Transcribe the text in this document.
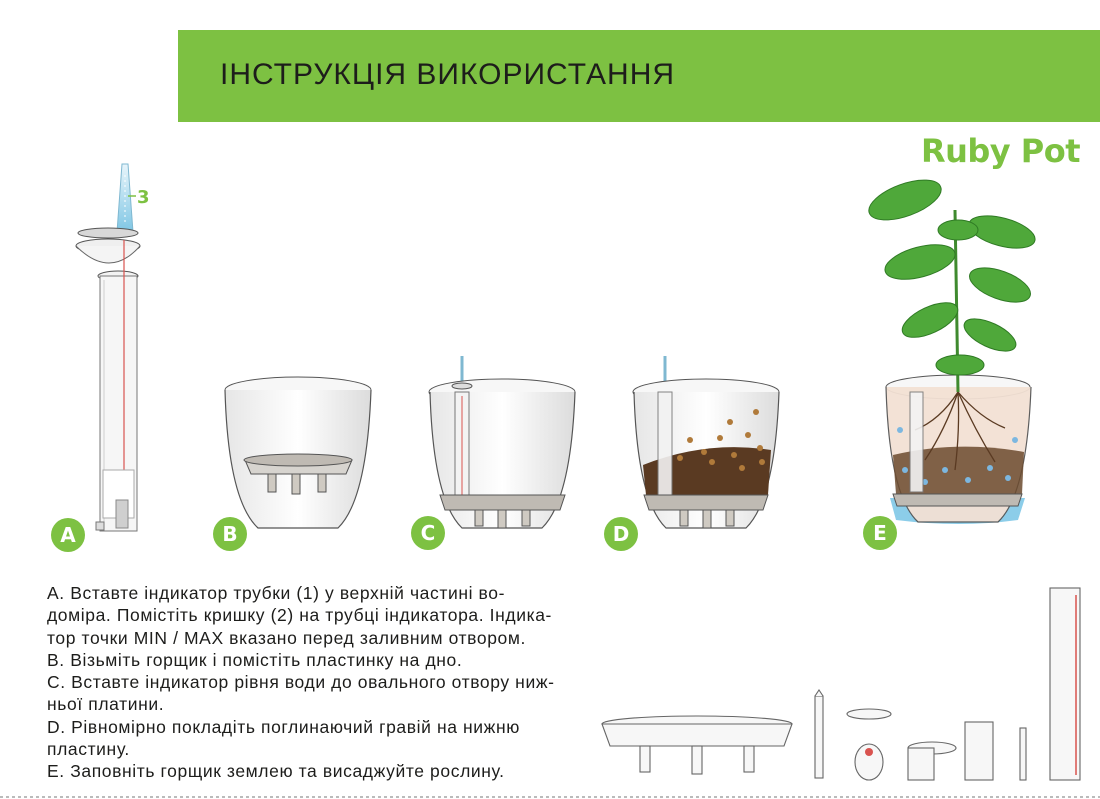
ІНСТРУКЦІЯ ВИКОРИСТАННЯ
Ruby Pot
3
A	B	C	D	E
A. Вставте індикатор трубки (1) у верхній частині во-
доміра. Помістіть кришку (2) на трубці індикатора. Індика-
тор точки MIN / MAX вказано перед заливним отвором.
B. Візьміть горщик і помістіть пластинку на дно.
C. Вставте індикатор рівня води до овального отвору ниж-
ньої платини.
D. Рівномірно покладіть поглинаючий гравій на нижню
пластину.
E. Заповніть горщик землею та висаджуйте рослину.
